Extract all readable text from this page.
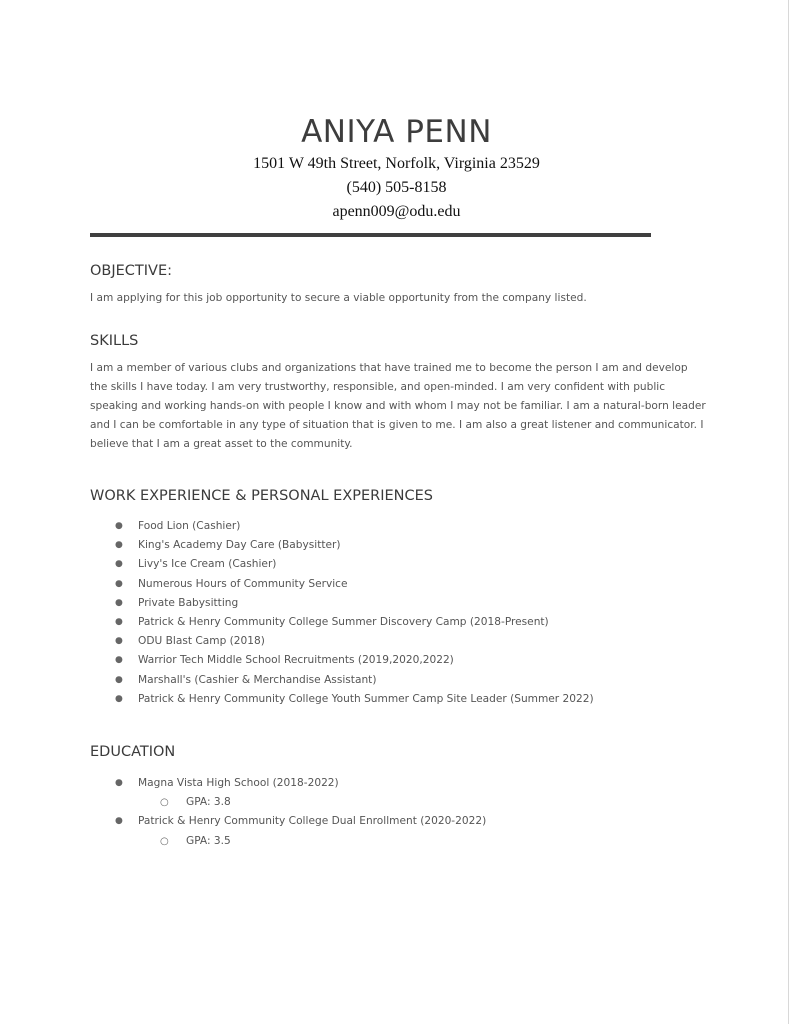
ANIYA PENN
1501 W 49th Street, Norfolk, Virginia 23529
(540) 505-8158
apenn009@odu.edu
OBJECTIVE:

I am applying for this job opportunity to secure a viable opportunity from the company listed.

SKILLS

I am a member of various clubs and organizations that have trained me to become the person I am and develop the skills I have today. I am very trustworthy, responsible, and open-minded. I am very confident with public speaking and working hands-on with people I know and with whom I may not be familiar. I am a natural-born leader and I can be comfortable in any type of situation that is given to me. I am also a great listener and communicator. I believe that I am a great asset to the community.

WORK EXPERIENCE & PERSONAL EXPERIENCES
● Food Lion (Cashier)
● King's Academy Day Care (Babysitter)
● Livy's Ice Cream (Cashier)
● Numerous Hours of Community Service
● Private Babysitting
● Patrick & Henry Community College Summer Discovery Camp (2018-Present)
● ODU Blast Camp (2018)
● Warrior Tech Middle School Recruitments (2019,2020,2022)
● Marshall's (Cashier & Merchandise Assistant)
● Patrick & Henry Community College Youth Summer Camp Site Leader (Summer 2022)
EDUCATION
● Magna Vista High School (2018-2022)
○ GPA: 3.8
● Patrick & Henry Community College Dual Enrollment (2020-2022)
○ GPA: 3.5
